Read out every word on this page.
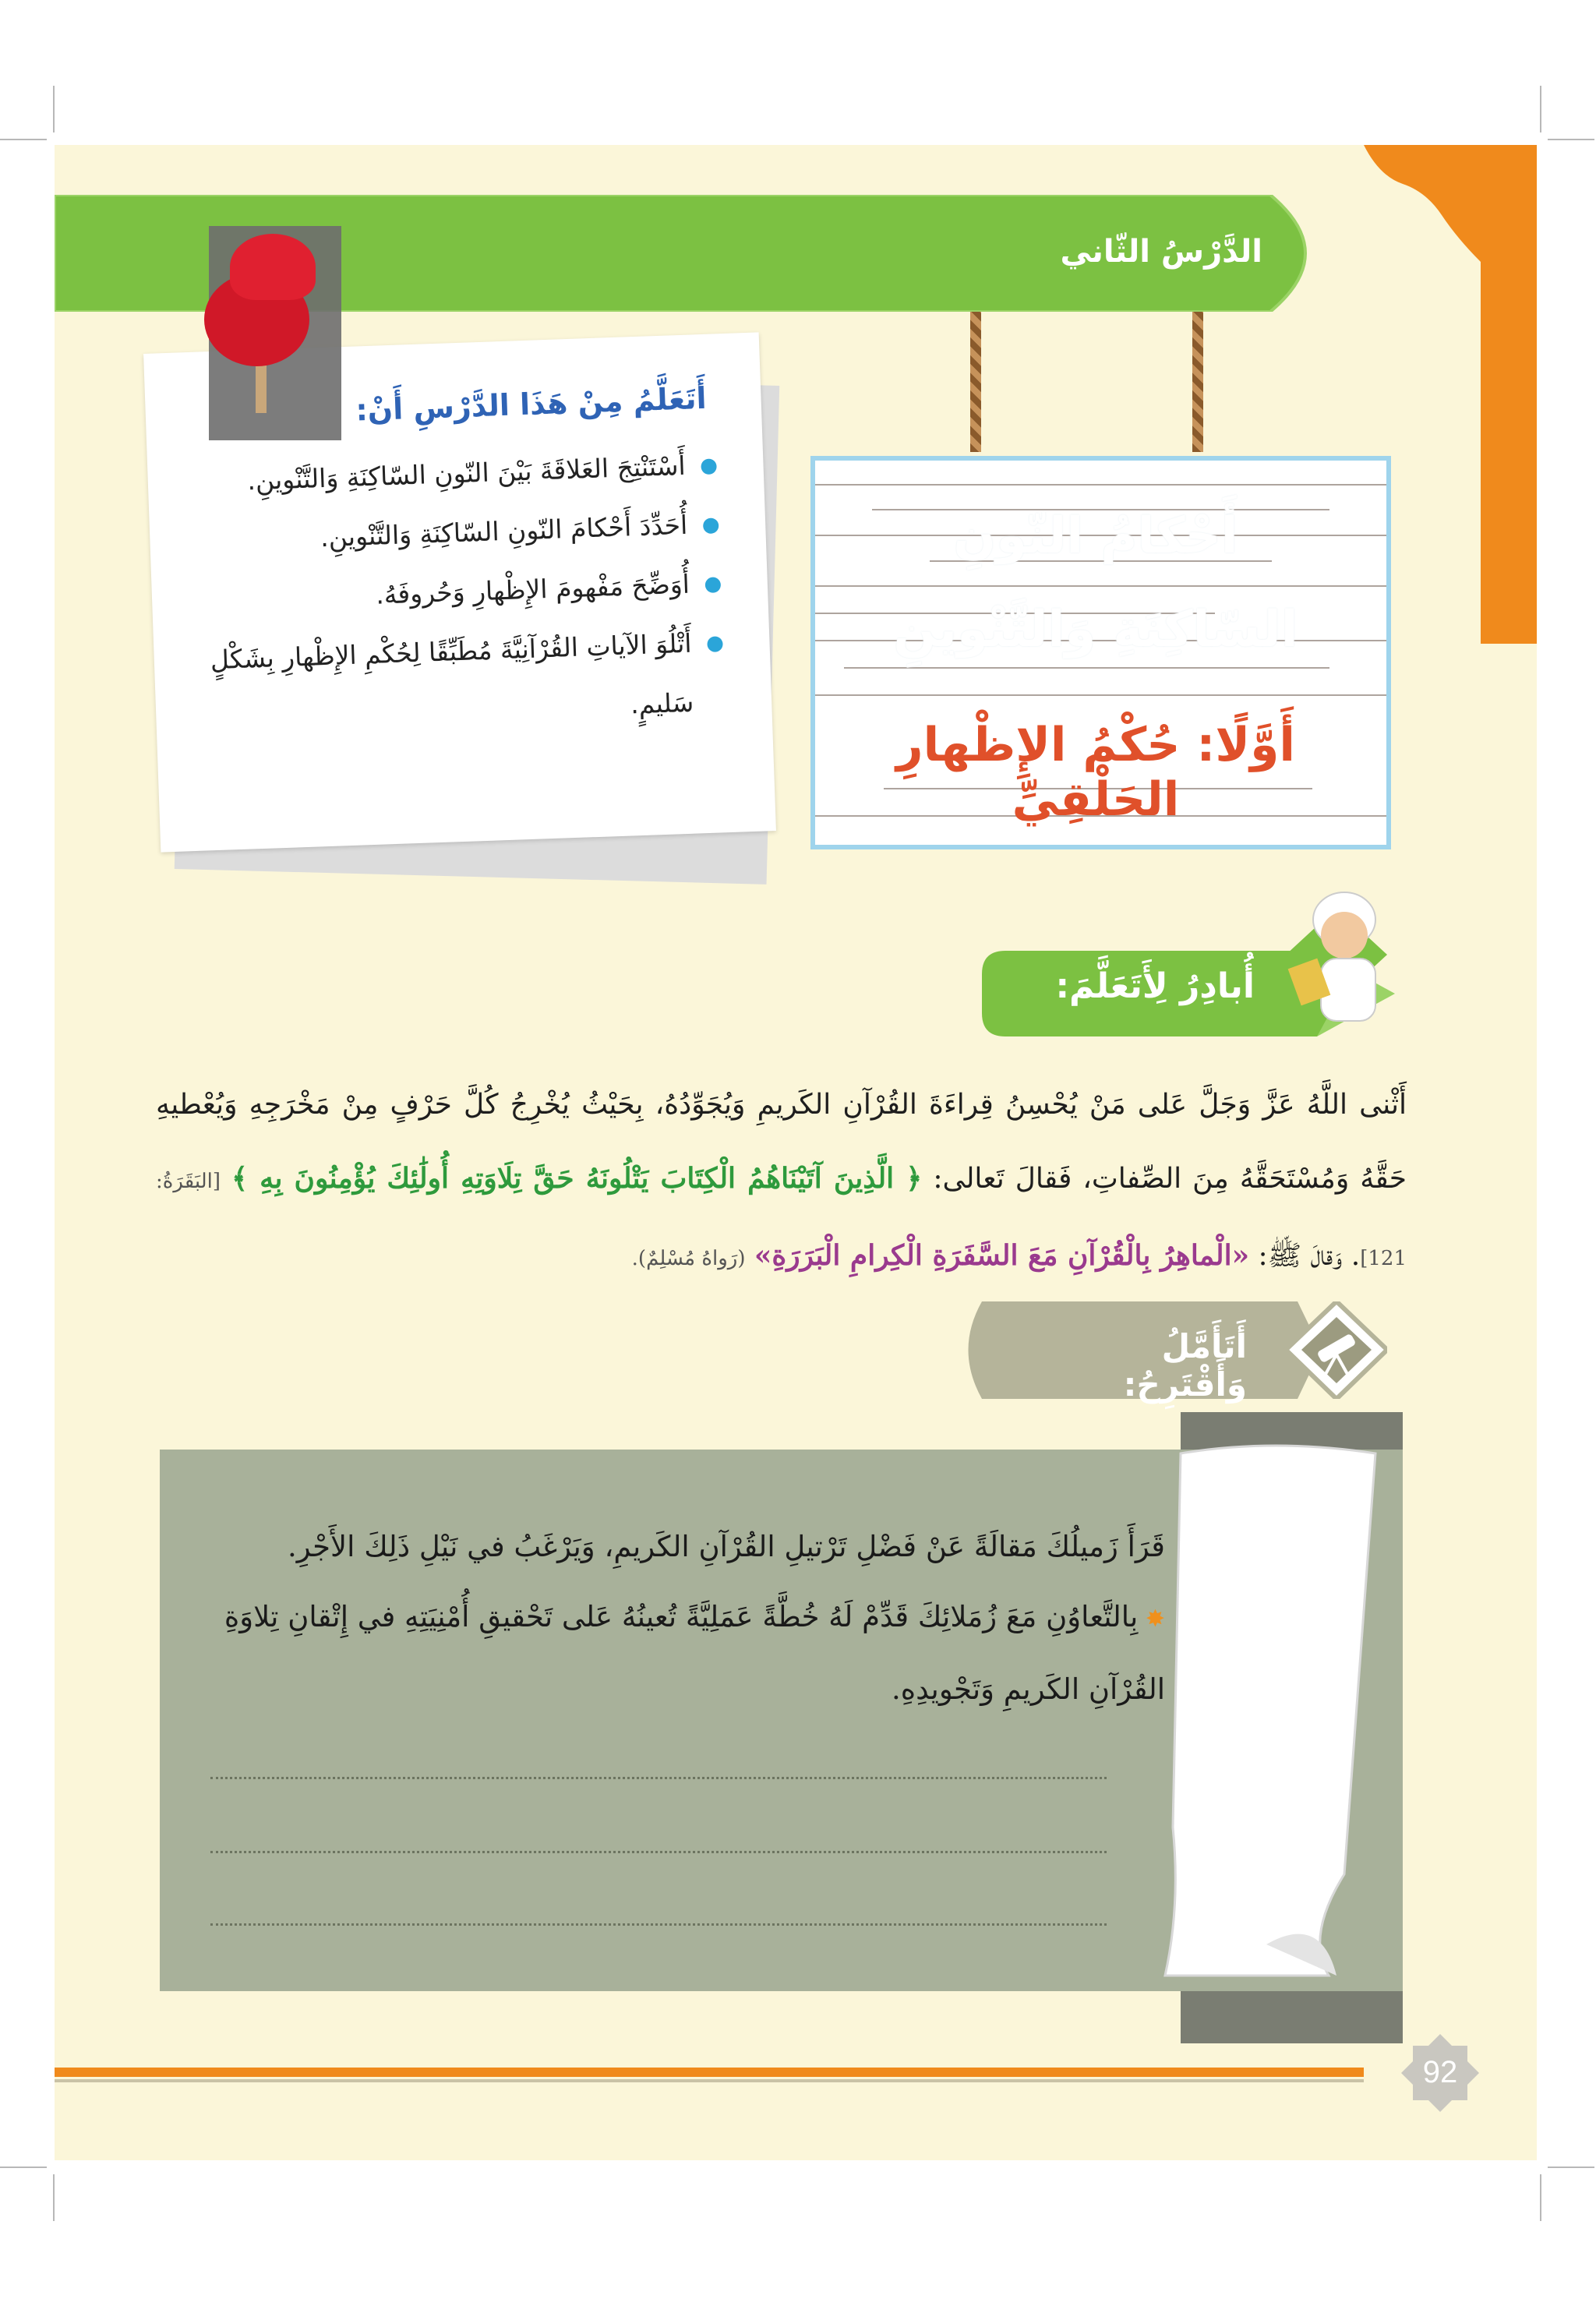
الدَّرْسُ الثّاني
أَحْكامُ النّونِ
السّاكِنَةِ وَالتَّنْوينِ
أَوَّلًا: حُكْمُ الإِظْهارِ الحَلْقِيِّ
أَتَعَلَّمُ مِنْ هَذَا الدَّرْسِ أَنْ:
أَسْتَنْتِجَ العَلاقَةَ بَيْنَ النّونِ السّاكِنَةِ وَالتَّنْوينِ.
أُحَدِّدَ أَحْكامَ النّونِ السّاكِنَةِ وَالتَّنْوينِ.
أُوَضِّحَ مَفْهومَ الإِظْهارِ وَحُروفَهُ.
أَتْلُوَ الآياتِ القُرْآنِيَّةَ مُطَبِّقًا لِحُكْمِ الإِظْهارِ بِشَكْلٍ سَليمٍ.
أُبادِرُ لِأَتَعَلَّمَ:
أَثْنى اللَّهُ عَزَّ وَجَلَّ عَلى مَنْ يُحْسِنُ قِراءَةَ القُرْآنِ الكَريمِ وَيُجَوِّدُهُ، بِحَيْثُ يُخْرِجُ كُلَّ حَرْفٍ مِنْ مَخْرَجِهِ وَيُعْطيهِ حَقَّهُ وَمُسْتَحَقَّهُ مِنَ الصِّفاتِ، فَقالَ تَعالى: ﴿ الَّذِينَ آتَيْنَاهُمُ الْكِتَابَ يَتْلُونَهُ حَقَّ تِلَاوَتِهِ أُولَٰئِكَ يُؤْمِنُونَ بِهِ ﴾ [البَقَرَةُ: 121]. وَقالَ ﷺ: «الْماهِرُ بِالْقُرْآنِ مَعَ السَّفَرَةِ الْكِرامِ الْبَرَرَةِ» (رَواهُ مُسْلِمٌ).
أَتَأَمَّلُ وَأَقْتَرِحُ:
قَرَأَ زَميلُكَ مَقالَةً عَنْ فَضْلِ تَرْتيلِ القُرْآنِ الكَريمِ، وَيَرْغَبُ في نَيْلِ ذَلِكَ الأَجْرِ.
✸ بِالتَّعاوُنِ مَعَ زُمَلائِكَ قَدِّمْ لَهُ خُطَّةً عَمَلِيَّةً تُعينُهُ عَلى تَحْقيقِ أُمْنِيَتِهِ في إِتْقانِ تِلاوَةِ القُرْآنِ الكَريمِ وَتَجْويدِهِ.
92
